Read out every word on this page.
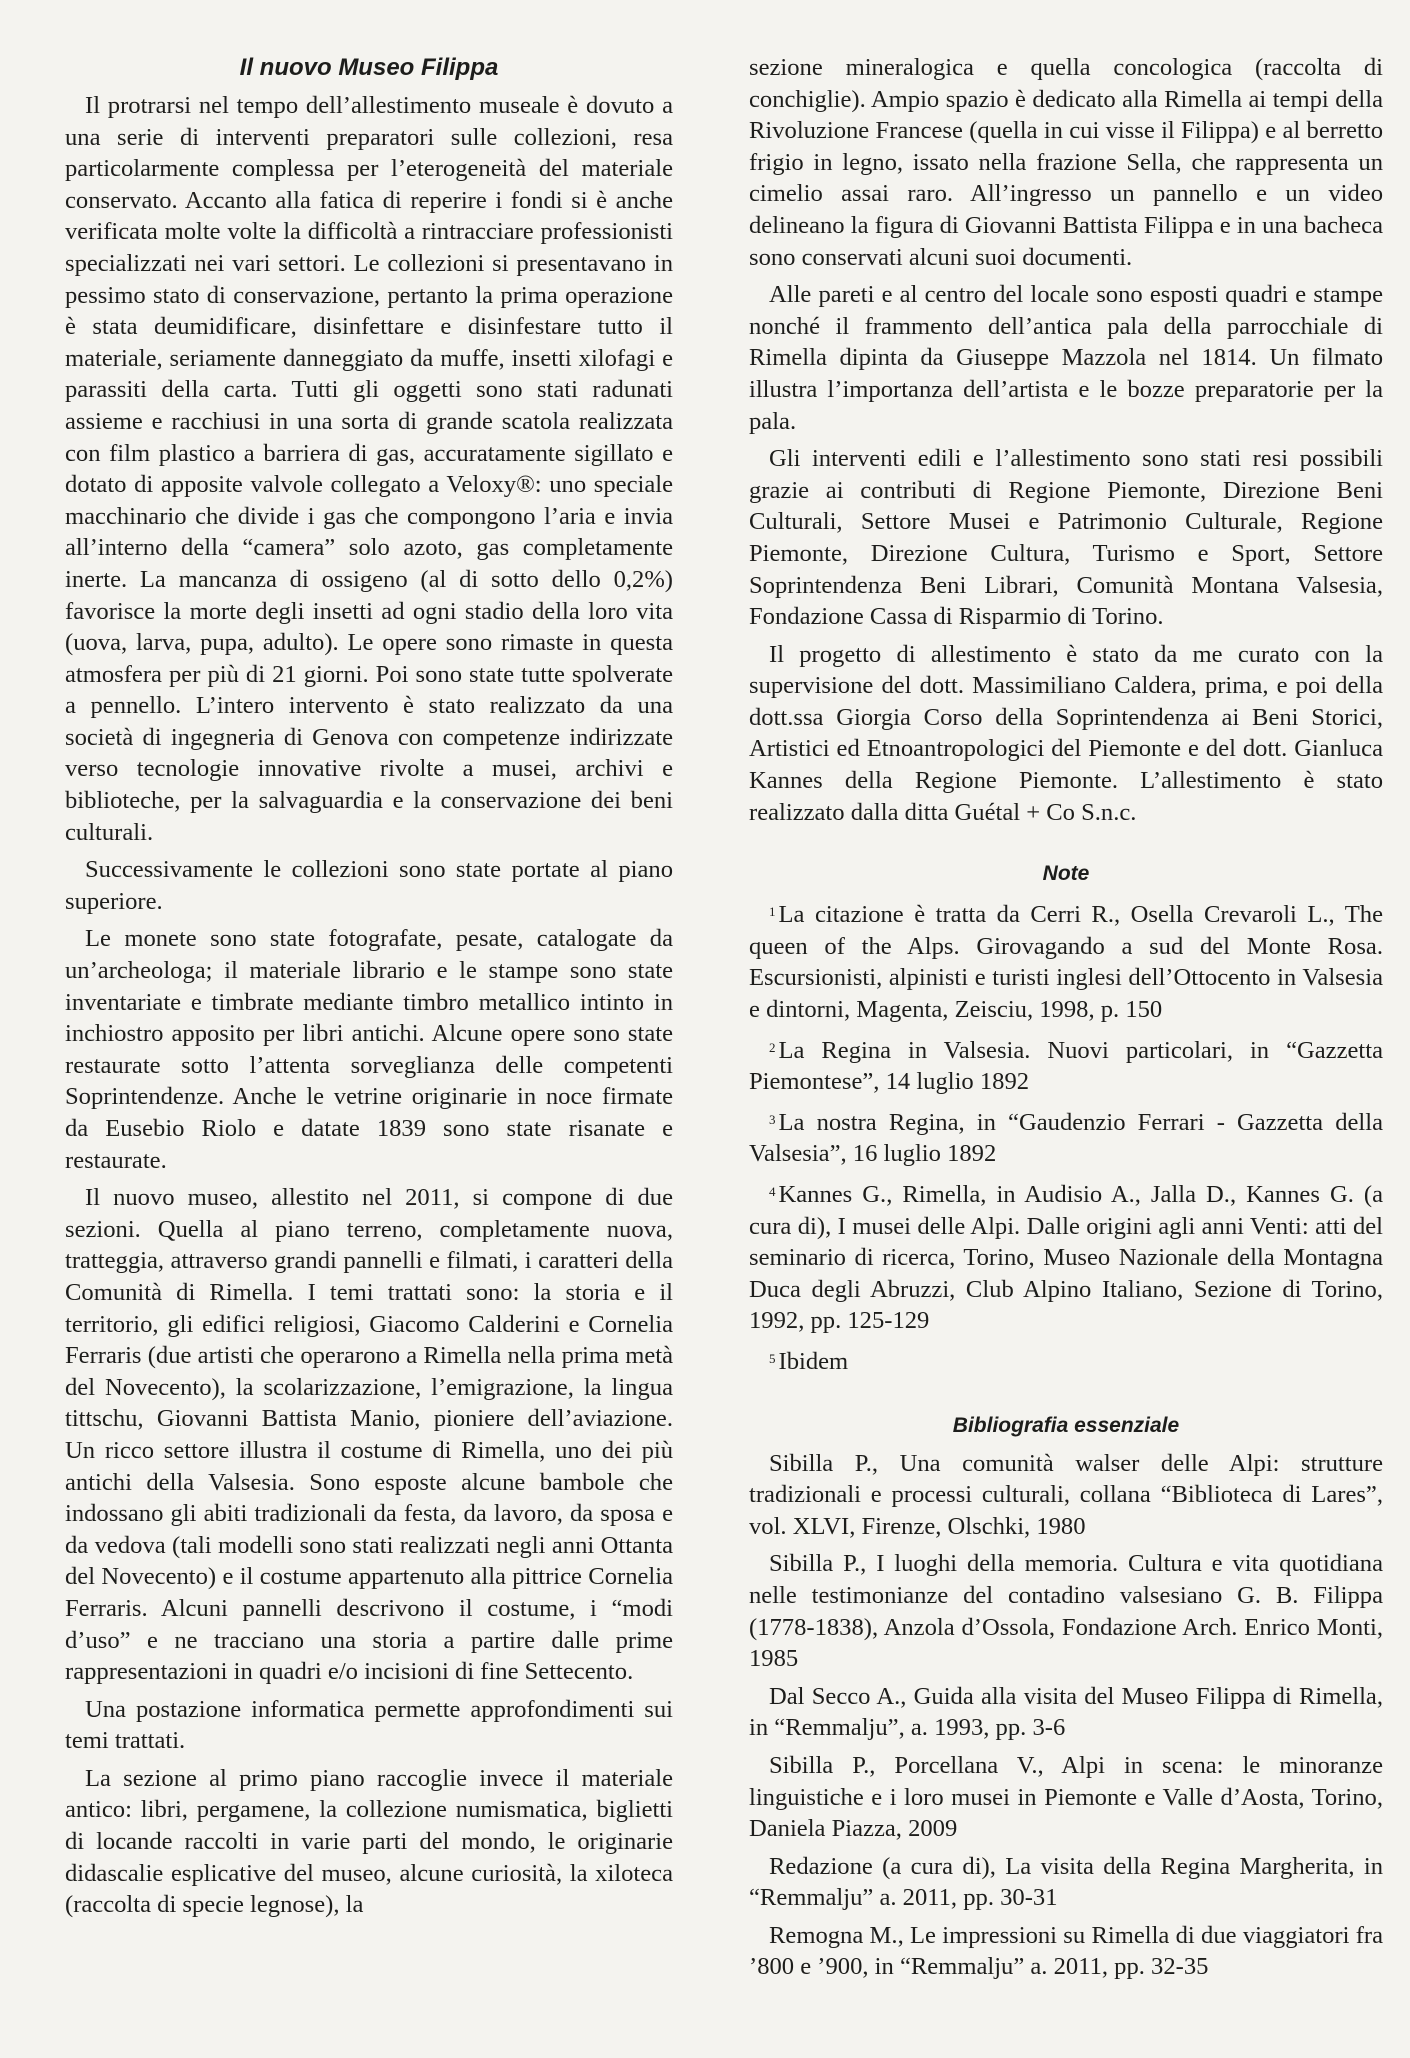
Il nuovo Museo Filippa

Il protrarsi nel tempo dell’allestimento museale è dovuto a una serie di interventi preparatori sulle collezioni, resa particolarmente complessa per l’eterogeneità del materiale conservato. Accanto alla fatica di reperire i fondi si è anche verificata molte volte la difficoltà a rintracciare professionisti specializzati nei vari settori. Le collezioni si presentavano in pessimo stato di conservazione, pertanto la prima operazione è stata deumidificare, disinfettare e disinfestare tutto il materiale, seriamente danneggiato da muffe, insetti xilofagi e parassiti della carta. Tutti gli oggetti sono stati radunati assieme e racchiusi in una sorta di grande scatola realizzata con film plastico a barriera di gas, accuratamente sigillato e dotato di apposite valvole collegato a Veloxy®: uno speciale macchinario che divide i gas che compongono l’aria e invia all’interno della “camera” solo azoto, gas completamente inerte. La mancanza di ossigeno (al di sotto dello 0,2%) favorisce la morte degli insetti ad ogni stadio della loro vita (uova, larva, pupa, adulto). Le opere sono rimaste in questa atmosfera per più di 21 giorni. Poi sono state tutte spolverate a pennello. L’intero intervento è stato realizzato da una società di ingegneria di Genova con competenze indirizzate verso tecnologie innovative rivolte a musei, archivi e biblioteche, per la salvaguardia e la conservazione dei beni culturali.

Successivamente le collezioni sono state portate al piano superiore.

Le monete sono state fotografate, pesate, catalogate da un’archeologa; il materiale librario e le stampe sono state inventariate e timbrate mediante timbro metallico intinto in inchiostro apposito per libri antichi. Alcune opere sono state restaurate sotto l’attenta sorveglianza delle competenti Soprintendenze. Anche le vetrine originarie in noce firmate da Eusebio Riolo e datate 1839 sono state risanate e restaurate.

Il nuovo museo, allestito nel 2011, si compone di due sezioni. Quella al piano terreno, completamente nuova, tratteggia, attraverso grandi pannelli e filmati, i caratteri della Comunità di Rimella. I temi trattati sono: la storia e il territorio, gli edifici religiosi, Giacomo Calderini e Cornelia Ferraris (due artisti che operarono a Rimella nella prima metà del Novecento), la scolarizzazione, l’emigrazione, la lingua tittschu, Giovanni Battista Manio, pioniere dell’aviazione. Un ricco settore illustra il costume di Rimella, uno dei più antichi della Valsesia. Sono esposte alcune bambole che indossano gli abiti tradizionali da festa, da lavoro, da sposa e da vedova (tali modelli sono stati realizzati negli anni Ottanta del Novecento) e il costume appartenuto alla pittrice Cornelia Ferraris. Alcuni pannelli descrivono il costume, i “modi d’uso” e ne tracciano una storia a partire dalle prime rappresentazioni in quadri e/o incisioni di fine Settecento.

Una postazione informatica permette approfondimenti sui temi trattati.

La sezione al primo piano raccoglie invece il materiale antico: libri, pergamene, la collezione numismatica, biglietti di locande raccolti in varie parti del mondo, le originarie didascalie esplicative del museo, alcune curiosità, la xiloteca (raccolta di specie legnose), la

sezione mineralogica e quella concologica (raccolta di conchiglie). Ampio spazio è dedicato alla Rimella ai tempi della Rivoluzione Francese (quella in cui visse il Filippa) e al berretto frigio in legno, issato nella frazione Sella, che rappresenta un cimelio assai raro. All’ingresso un pannello e un video delineano la figura di Giovanni Battista Filippa e in una bacheca sono conservati alcuni suoi documenti.

Alle pareti e al centro del locale sono esposti quadri e stampe nonché il frammento dell’antica pala della parrocchiale di Rimella dipinta da Giuseppe Mazzola nel 1814. Un filmato illustra l’importanza dell’artista e le bozze preparatorie per la pala.

Gli interventi edili e l’allestimento sono stati resi possibili grazie ai contributi di Regione Piemonte, Direzione Beni Culturali, Settore Musei e Patrimonio Culturale, Regione Piemonte, Direzione Cultura, Turismo e Sport, Settore Soprintendenza Beni Librari, Comunità Montana Valsesia, Fondazione Cassa di Risparmio di Torino.

Il progetto di allestimento è stato da me curato con la supervisione del dott. Massimiliano Caldera, prima, e poi della dott.ssa Giorgia Corso della Soprintendenza ai Beni Storici, Artistici ed Etnoantropologici del Piemonte e del dott. Gianluca Kannes della Regione Piemonte. L’allestimento è stato realizzato dalla ditta Guétal + Co S.n.c.

Note

$^1$ La citazione è tratta da Cerri R., Osella Crevaroli L., The queen of the Alps. Girovagando a sud del Monte Rosa. Escursionisti, alpinisti e turisti inglesi dell’Ottocento in Valsesia e dintorni, Magenta, Zeisciu, 1998, p. 150

$^2$ La Regina in Valsesia. Nuovi particolari, in “Gazzetta Piemontese”, 14 luglio 1892

$^3$ La nostra Regina, in “Gaudenzio Ferrari - Gazzetta della Valsesia”, 16 luglio 1892

$^4$ Kannes G., Rimella, in Audisio A., Jalla D., Kannes G. (a cura di), I musei delle Alpi. Dalle origini agli anni Venti: atti del seminario di ricerca, Torino, Museo Nazionale della Montagna Duca degli Abruzzi, Club Alpino Italiano, Sezione di Torino, 1992, pp. 125-129

$^5$ Ibidem

Bibliografia essenziale

Sibilla P., Una comunità walser delle Alpi: strutture tradizionali e processi culturali, collana “Biblioteca di Lares”, vol. XLVI, Firenze, Olschki, 1980

Sibilla P., I luoghi della memoria. Cultura e vita quotidiana nelle testimonianze del contadino valsesiano G. B. Filippa (1778-1838), Anzola d’Ossola, Fondazione Arch. Enrico Monti, 1985

Dal Secco A., Guida alla visita del Museo Filippa di Rimella, in “Remmalju”, a. 1993, pp. 3-6

Sibilla P., Porcellana V., Alpi in scena: le minoranze linguistiche e i loro musei in Piemonte e Valle d’Aosta, Torino, Daniela Piazza, 2009

Redazione (a cura di), La visita della Regina Margherita, in “Remmalju” a. 2011, pp. 30-31

Remogna M., Le impressioni su Rimella di due viaggiatori fra ’800 e ’900, in “Remmalju” a. 2011, pp. 32-35
